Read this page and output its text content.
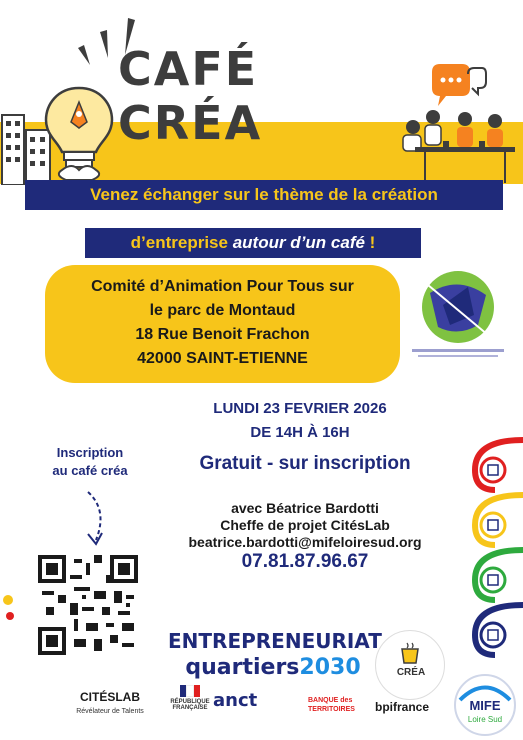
CAFÉ CRÉA
Venez échanger sur le thème de la création
d’entreprise autour d’un café !
Comité d’Animation Pour Tous sur
le parc de Montaud
18 Rue Benoit Frachon
42000 SAINT-ETIENNE
LUNDI 23 FEVRIER 2026
DE 14H À 16H
Inscription
au café créa	Gratuit - sur inscription
avec Béatrice Bardotti
Cheffe de projet CitésLab
beatrice.bardotti@mifeloiresud.org
07.81.87.96.67
ENTREPRENEURIAT
quartiers2030	CRÉA
MIFE
Loire Sud
CITÉSLAB
Révélateur de Talents
RÉPUBLIQUE FRANÇAISE anct	BANQUE des TERRITOIRES	bpifrance
